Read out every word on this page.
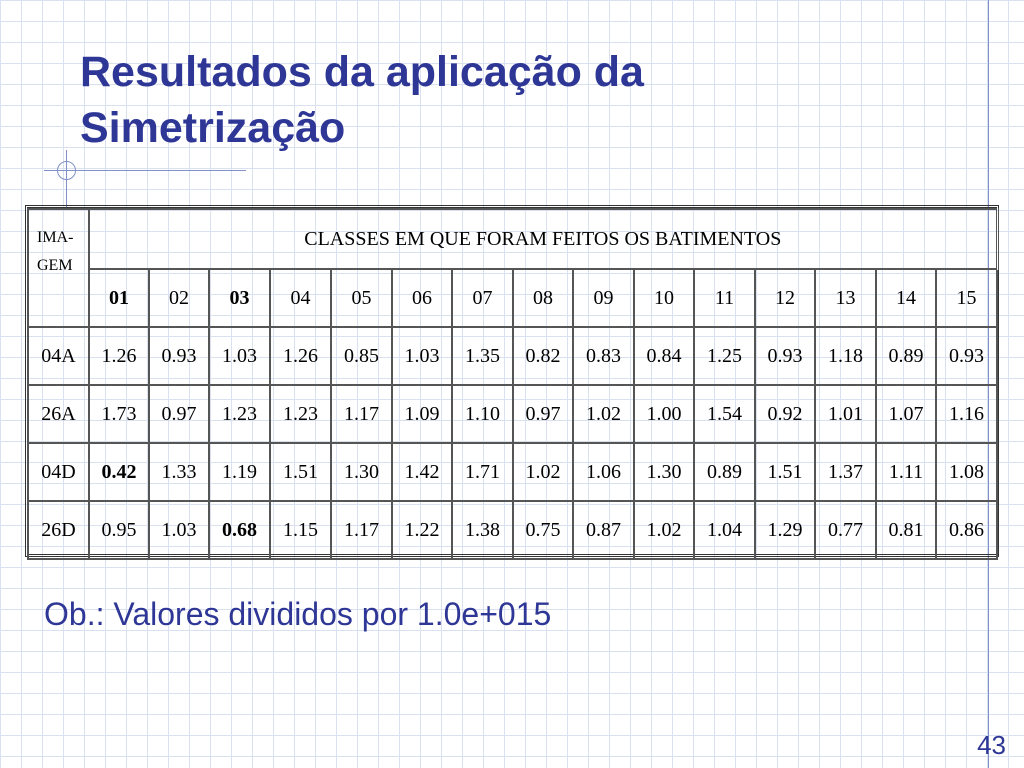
Resultados da aplicação da
Simetrização
IMA-
GEM	CLASSES EM QUE FORAM FEITOS OS BATIMENTOS														
	01	02	03	04	05	06	07	08	09	10	11	12	13	14	15
04A	1.26	0.93	1.03	1.26	0.85	1.03	1.35	0.82	0.83	0.84	1.25	0.93	1.18	0.89	0.93
26A	1.73	0.97	1.23	1.23	1.17	1.09	1.10	0.97	1.02	1.00	1.54	0.92	1.01	1.07	1.16
04D	0.42	1.33	1.19	1.51	1.30	1.42	1.71	1.02	1.06	1.30	0.89	1.51	1.37	1.11	1.08
26D	0.95	1.03	0.68	1.15	1.17	1.22	1.38	0.75	0.87	1.02	1.04	1.29	0.77	0.81	0.86

Ob.: Valores divididos por 1.0e+015

43
